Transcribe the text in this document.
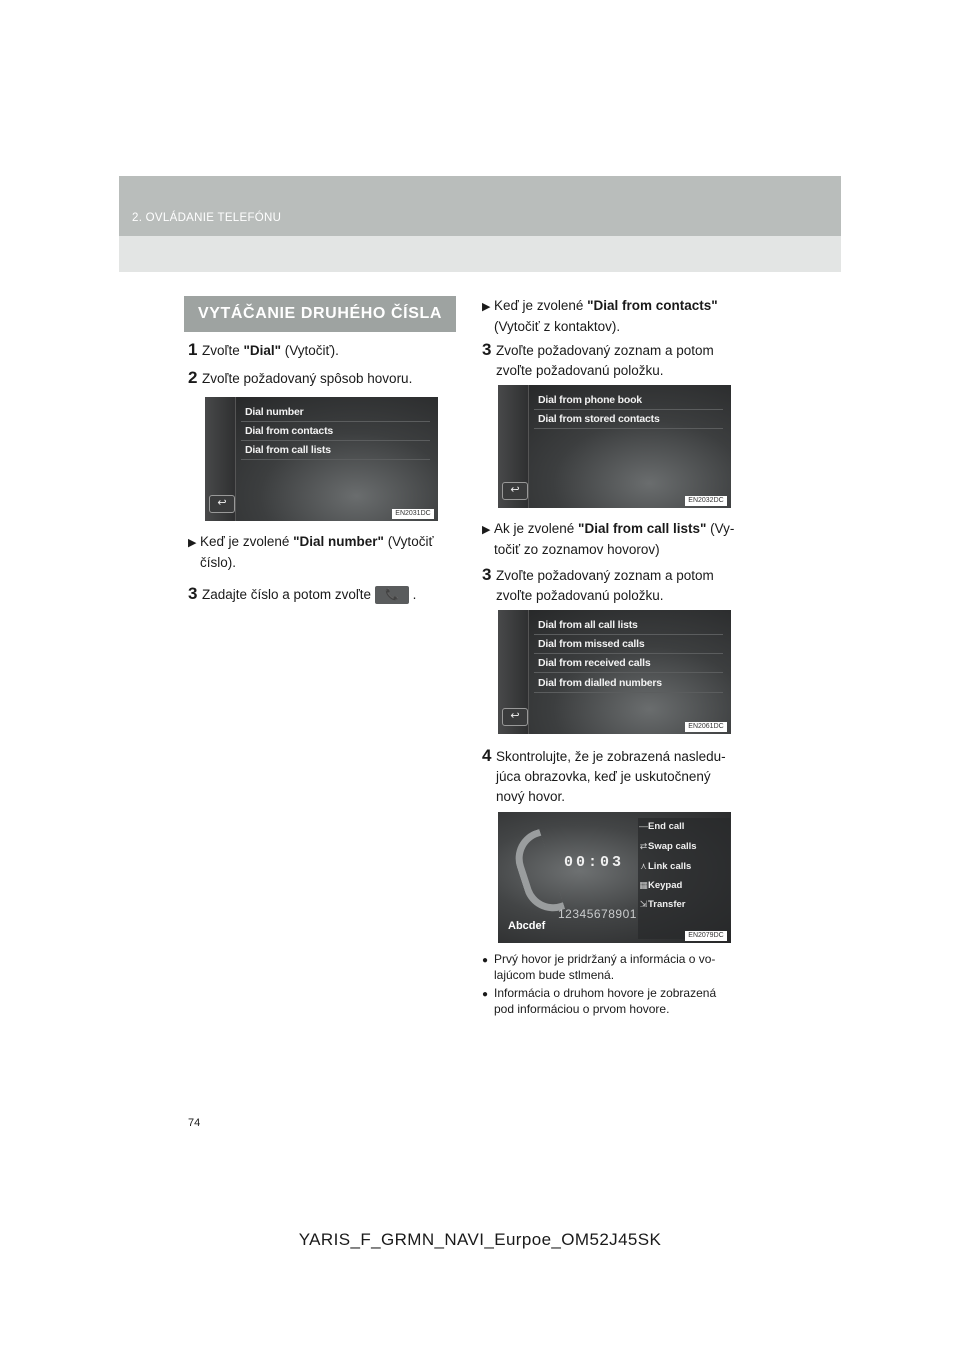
2. OVLÁDANIE TELEFÓNU
VYTÁČANIE DRUHÉHO ČÍSLA
1 Zvoľte "Dial" (Vytočiť).
2 Zvoľte požadovaný spôsob hovoru.
Dial number
Dial from contacts
Dial from call lists
↩
EN2031DC
▶ Keď je zvolené "Dial number" (Vytočiť
číslo).
3 Zadajte číslo a potom zvoľte 📞 .
▶ Keď je zvolené "Dial from contacts"
(Vytočiť z kontaktov).
3 Zvoľte požadovaný zoznam a potom
zvoľte požadovanú položku.
Dial from phone book
Dial from stored contacts
↩
EN2032DC
▶ Ak je zvolené "Dial from call lists" (Vy-
točiť zo zoznamov hovorov)
3 Zvoľte požadovaný zoznam a potom
zvoľte požadovanú položku.
Dial from all call lists
Dial from missed calls
Dial from received calls
Dial from dialled numbers
↩
EN2061DC
4 Skontrolujte, že je zobrazená nasledu-
júca obrazovka, keď je uskutočnený
nový hovor.
00:03
12345678901
Abcdef
— End call
⇄ Swap calls
⋏ Link calls
▦ Keypad
⇲ Transfer
EN2079DC
● Prvý hovor je pridržaný a informácia o vo-
lajúcom bude stlmená.
● Informácia o druhom hovore je zobrazená
pod informáciou o prvom hovore.
74
YARIS_F_GRMN_NAVI_Eurpoe_OM52J45SK
